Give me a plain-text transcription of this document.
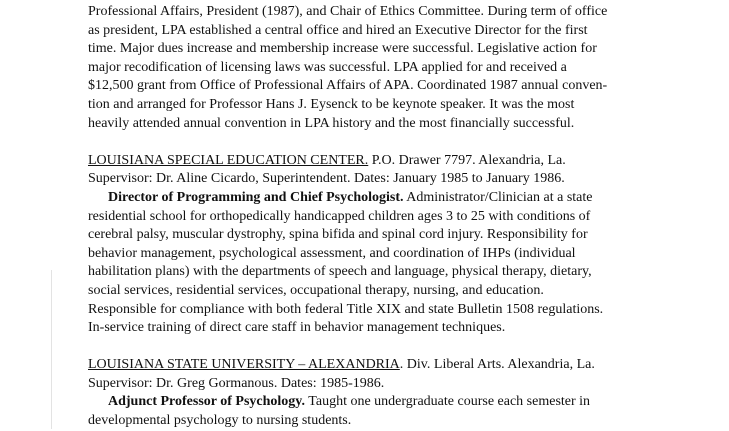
Professional Affairs, President (1987), and Chair of Ethics Committee. During term of office
as president, LPA established a central office and hired an Executive Director for the first
time. Major dues increase and membership increase were successful. Legislative action for
major recodification of licensing laws was successful. LPA applied for and received a
$12,500 grant from Office of Professional Affairs of APA. Coordinated 1987 annual conven-
tion and arranged for Professor Hans J. Eysenck to be keynote speaker. It was the most
heavily attended annual convention in LPA history and the most financially successful.
LOUISIANA SPECIAL EDUCATION CENTER. P.O. Drawer 7797. Alexandria, La.
Supervisor: Dr. Aline Cicardo, Superintendent. Dates: January 1985 to January 1986.
Director of Programming and Chief Psychologist. Administrator/Clinician at a state
residential school for orthopedically handicapped children ages 3 to 25 with conditions of
cerebral palsy, muscular dystrophy, spina bifida and spinal cord injury. Responsibility for
behavior management, psychological assessment, and coordination of IHPs (individual
habilitation plans) with the departments of speech and language, physical therapy, dietary,
social services, residential services, occupational therapy, nursing, and education.
Responsible for compliance with both federal Title XIX and state Bulletin 1508 regulations.
In-service training of direct care staff in behavior management techniques.
LOUISIANA STATE UNIVERSITY – ALEXANDRIA. Div. Liberal Arts. Alexandria, La.
Supervisor: Dr. Greg Gormanous. Dates: 1985-1986.
Adjunct Professor of Psychology. Taught one undergraduate course each semester in
developmental psychology to nursing students.
